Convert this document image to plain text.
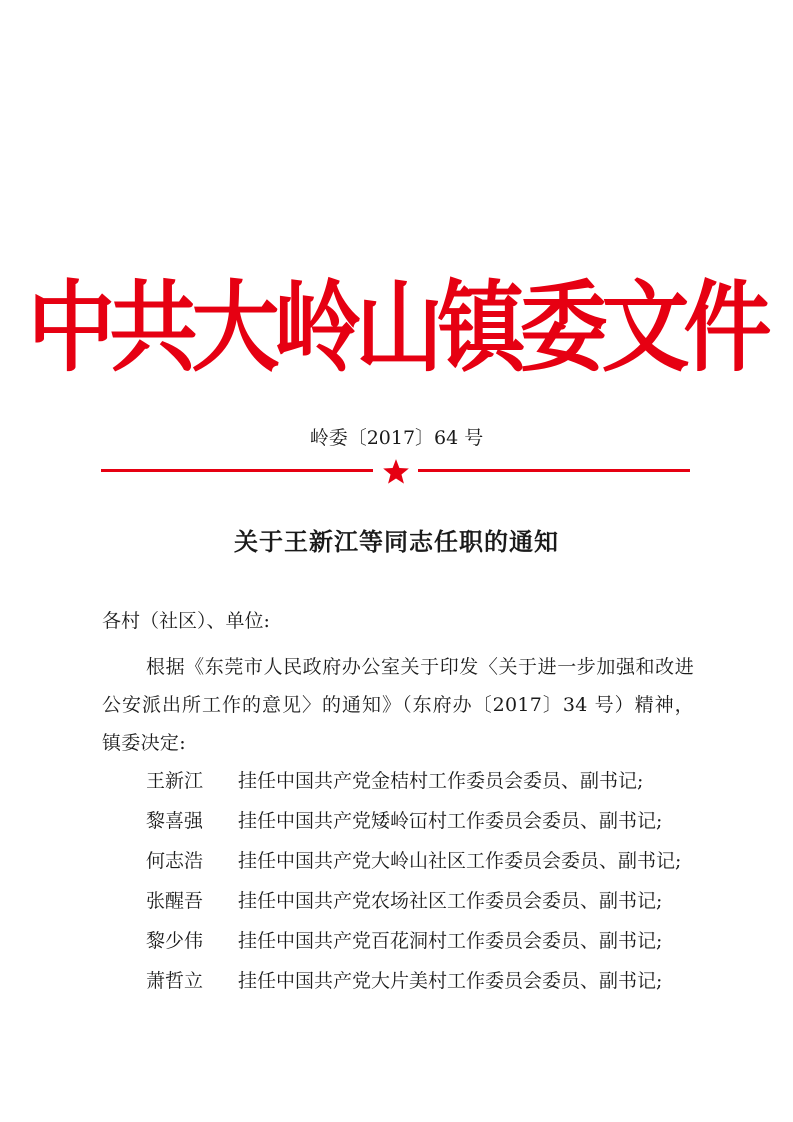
中共大岭山镇委文件
岭委〔2017〕64 号
关于王新江等同志任职的通知
各村（社区）、单位:
根据《东莞市人民政府办公室关于印发〈关于进一步加强和改进公安派出所工作的意见〉的通知》（东府办〔2017〕34 号）精神，镇委决定:
王新江 挂任中国共产党金桔村工作委员会委员、副书记;
黎喜强 挂任中国共产党矮岭冚村工作委员会委员、副书记;
何志浩 挂任中国共产党大岭山社区工作委员会委员、副书记;
张醒吾 挂任中国共产党农场社区工作委员会委员、副书记;
黎少伟 挂任中国共产党百花洞村工作委员会委员、副书记;
萧哲立 挂任中国共产党大片美村工作委员会委员、副书记;
